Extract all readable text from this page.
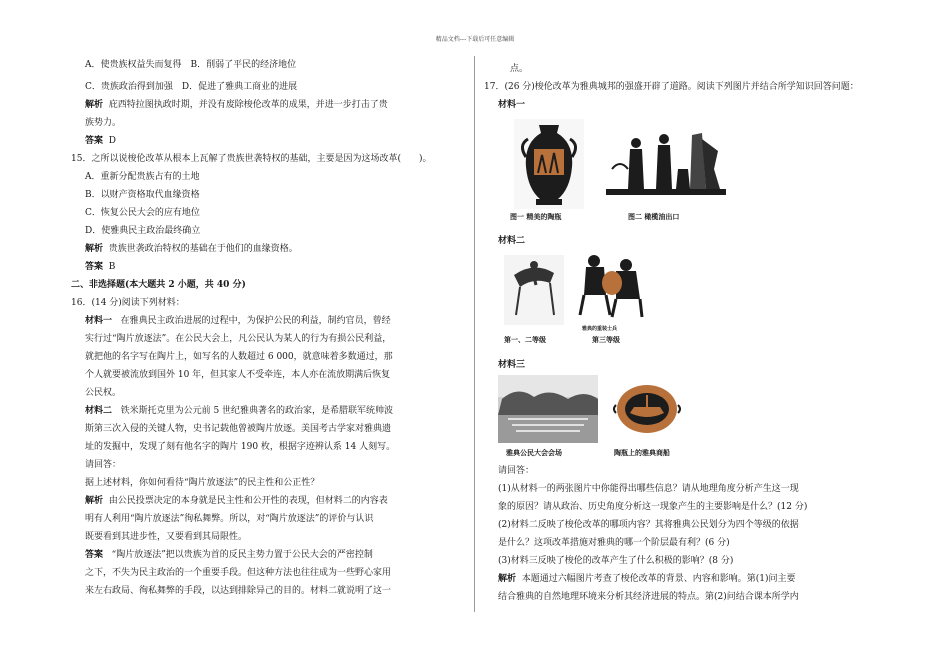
精品文档---下载后可任意编辑
A．使贵族权益失而复得　B．削弱了平民的经济地位
C．贵族政治得到加强　D．促进了雅典工商业的进展
解析 庇西特拉图执政时期，并没有废除梭伦改革的成果，并进一步打击了贵
族势力。
答案 D
15．之所以说梭伦改革从根本上瓦解了贵族世袭特权的基础，主要是因为这场改革(　　)。
A．重新分配贵族占有的土地
B．以财产资格取代血缘资格
C．恢复公民大会的应有地位
D．使雅典民主政治最终确立
解析 贵族世袭政治特权的基础在于他们的血缘资格。
答案 B
二、非选择题(本大题共 2 小题，共 40 分)
16．(14 分)阅读下列材料：
材料一 在雅典民主政治进展的过程中，为保护公民的利益，制约官员，曾经
实行过“陶片放逐法”。在公民大会上，凡公民认为某人的行为有损公民利益，
就把他的名字写在陶片上，如写名的人数超过 6 000，就意味着多数通过，那
个人就要被流放到国外 10 年，但其家人不受牵连，本人亦在流放期满后恢复
公民权。
材料二 铁米斯托克里为公元前 5 世纪雅典著名的政治家，是希腊联军统帅波
斯第三次入侵的关键人物，史书记载他曾被陶片放逐。美国考古学家对雅典遗
址的发掘中，发现了刻有他名字的陶片 190 枚，根据字迹辨认系 14 人刻写。
请回答：
据上述材料，你如何看待“陶片放逐法”的民主性和公正性？
解析 由公民投票决定的本身就是民主性和公开性的表现，但材料二的内容表
明有人利用“陶片放逐法”徇私舞弊。所以，对“陶片放逐法”的评价与认识
既要看到其进步性，又要看到其局限性。
答案 “陶片放逐法”把以贵族为首的反民主势力置于公民大会的严密控制
之下，不失为民主政治的一个重要手段。但这种方法也往往成为一些野心家用
来左右政局、徇私舞弊的手段，以达到排除异己的目的。材料二就说明了这一
点。
17．(26 分)梭伦改革为雅典城邦的强盛开辟了道路。阅读下列图片并结合所学知识回答问题：
材料一
图一 精美的陶瓶	图二 橄榄油出口
材料二
第一、二等级
雅典的重装士兵
第三等级
材料三
雅典公民大会会场	陶瓶上的雅典商船
请回答：
(1)从材料一的两张图片中你能得出哪些信息？请从地理角度分析产生这一现
象的原因？请从政治、历史角度分析这一现象产生的主要影响是什么？(12 分)
(2)材料二反映了梭伦改革的哪项内容？其将雅典公民划分为四个等级的依据
是什么？这项改革措施对雅典的哪一个阶层最有利？(6 分)
(3)材料三反映了梭伦的改革产生了什么积极的影响？(8 分)
解析 本题通过六幅图片考查了梭伦改革的背景、内容和影响。第(1)问主要
结合雅典的自然地理环境来分析其经济进展的特点。第(2)问结合课本所学内
